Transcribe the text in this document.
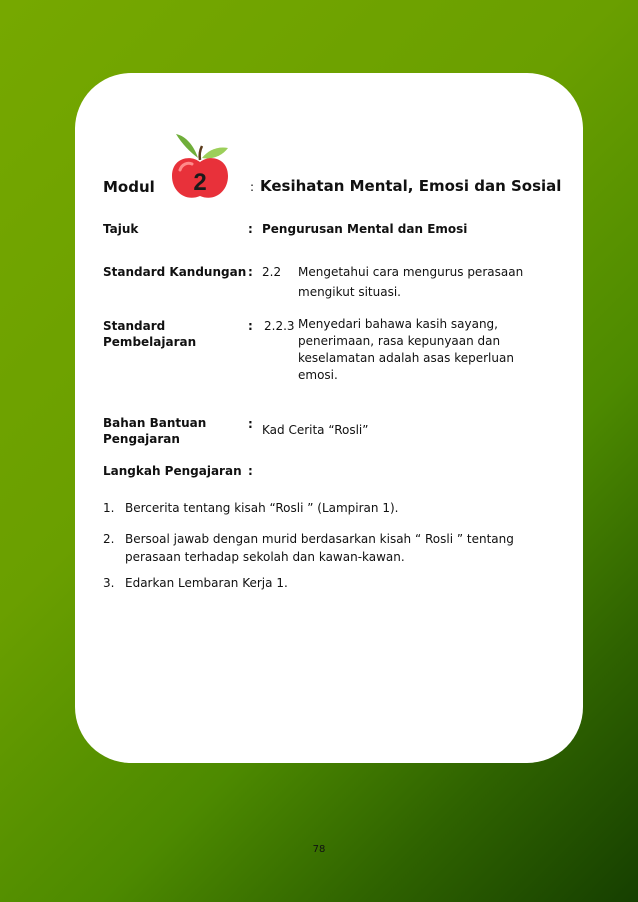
Modul 2	: Kesihatan Mental, Emosi dan Sosial

Tajuk	: Pengurusan Mental dan Emosi

Standard Kandungan : 2.2 Mengetahui cara mengurus perasaan mengikut situasi.

Standard

Pembelajaran

: 2.2.3 Menyedari bahawa kasih sayang, penerimaan, rasa kepunyaan dan keselamatan adalah asas keperluan emosi.

Bahan Bantuan

Pengajaran

: Kad Cerita “Rosli”

Langkah Pengajaran :

1. Bercerita tentang kisah “Rosli ” (Lampiran 1).

2. Bersoal jawab dengan murid berdasarkan kisah “ Rosli ” tentang perasaan terhadap sekolah dan kawan-kawan.

3. Edarkan Lembaran Kerja 1.

78
